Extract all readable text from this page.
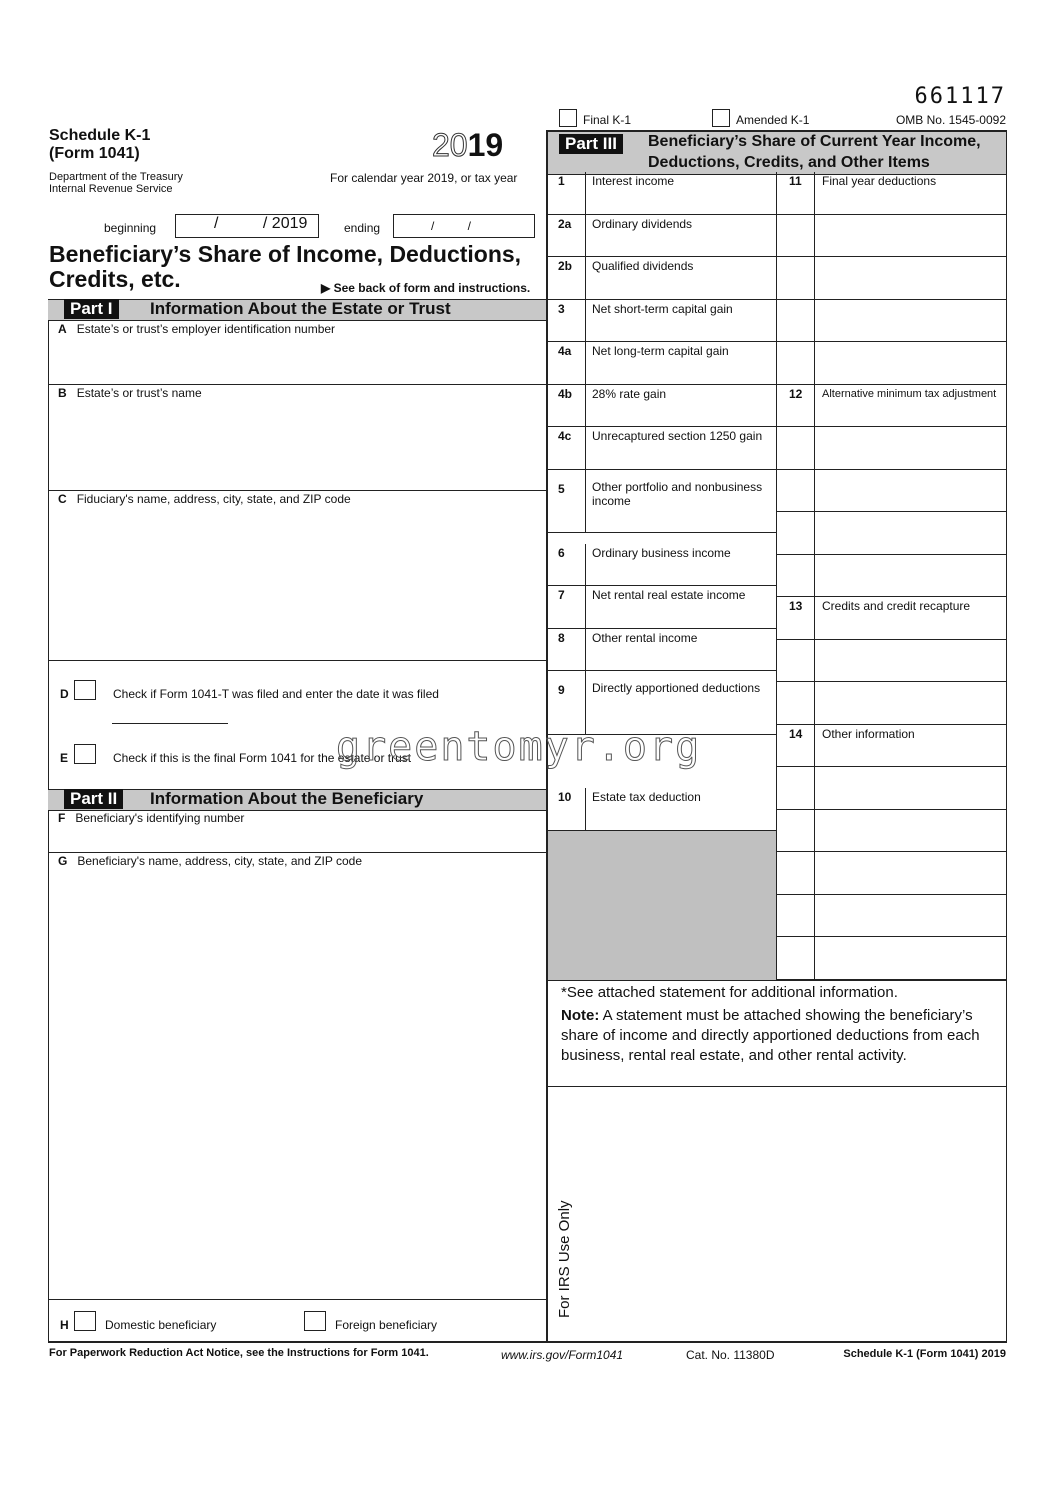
661117
Final K-1	Amended K-1	OMB No. 1545-0092
Schedule K-1
(Form 1041)	2019
Department of the Treasury
Internal Revenue Service
For calendar year 2019, or tax year
beginning	/          / 2019	ending	/          /
Beneficiary’s Share of Income, Deductions,
Credits, etc.	▶ See back of form and instructions.
Part I	Information About the Estate or Trust
A Estate’s or trust’s employer identification number
B Estate’s or trust’s name
C Fiduciary's name, address, city, state, and ZIP code
D	Check if Form 1041-T was filed and enter the date it was filed
E	Check if this is the final Form 1041 for the estate or trust
Part II	Information About the Beneficiary
F Beneficiary's identifying number
G Beneficiary's name, address, city, state, and ZIP code
H	Domestic beneficiary	Foreign beneficiary
Part III	Beneficiary’s Share of Current Year Income,
Deductions, Credits, and Other Items
1 Interest income
2a Ordinary dividends
2b Qualified dividends
3 Net short-term capital gain
4a Net long-term capital gain
4b 28% rate gain
4c Unrecaptured section 1250 gain
5 Other portfolio and nonbusiness income
6 Ordinary business income
7 Net rental real estate income
8 Other rental income
9 Directly apportioned deductions
10 Estate tax deduction
11 Final year deductions
12 Alternative minimum tax adjustment
13 Credits and credit recapture
14 Other information
*See attached statement for additional information.
Note: A statement must be attached showing the beneficiary’s share of income and directly apportioned deductions from each business, rental real estate, and other rental activity.
For IRS Use Only
greentomyr.org
For Paperwork Reduction Act Notice, see the Instructions for Form 1041.	www.irs.gov/Form1041	Cat. No. 11380D	Schedule K-1 (Form 1041) 2019
